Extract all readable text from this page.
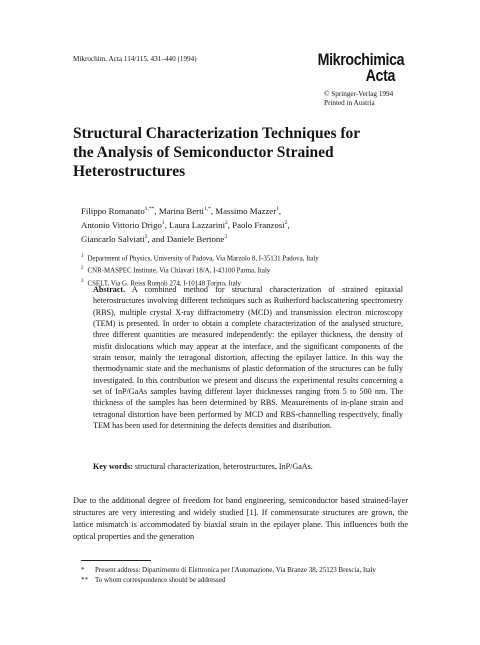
Mikrochim. Acta 114/115, 431–440 (1994)	Mikrochimica
Acta
© Springer-Verlag 1994
Printed in Austria
Structural Characterization Techniques for the Analysis of Semiconductor Strained Heterostructures
Filippo Romanato$^{1,**}$, Marina Berti$^{1,*}$, Massimo Mazzer$^1$,
Antonio Vittorio Drigo$^1$, Laura Lazzarini$^2$, Paolo Franzosi$^2$,
Giancarlo Salviati$^2$, and Daniele Bertone$^3$
$^1$ Department of Physics, University of Padova, Via Marzolo 8, I-35131 Padova, Italy
$^2$ CNR-MASPEC Institute, Via Chiavari 18/A, I-43100 Parma, Italy
$^3$ CSELT, Via G. Reiss Romoli 274, I-10148 Torino, Italy
Abstract. A combined method for structural characterization of strained epitaxial heterostructures involving different techniques such as Rutherford backscattering spectrometry (RBS), multiple crystal X-ray diffractometry (MCD) and transmission electron microscopy (TEM) is presented. In order to obtain a complete characterization of the analysed structure, three different quantities are measured independently: the epilayer thickness, the density of misfit dislocations which may appear at the interface, and the significant components of the strain tensor, mainly the tetragonal distortion, affecting the epilayer lattice. In this way the thermodynamic state and the mechanisms of plastic deformation of the structures can be fully investigated. In this contribution we present and discuss the experimental results concerning a set of InP/GaAs samples having different layer thicknesses ranging from 5 to 500 nm. The thickness of the samples has been determined by RBS. Measurements of in-plane strain and tetragonal distortion have been performed by MCD and RBS-channelling respectively, finally TEM has been used for determining the defects densities and distribution.
Key words: structural characterization, heterostructures, InP/GaAs.
Due to the additional degree of freedom for band engineering, semiconductor based strained-layer structures are very interesting and widely studied [1]. If commensurate structures are grown, the lattice mismatch is accommodated by biaxial strain in the epilayer plane. This influences both the optical properties and the generation
* Present address: Dipartimento di Elettronica per l'Automazione, Via Branze 38, 25123 Brescia, Italy
** To whom correspondence should be addressed
